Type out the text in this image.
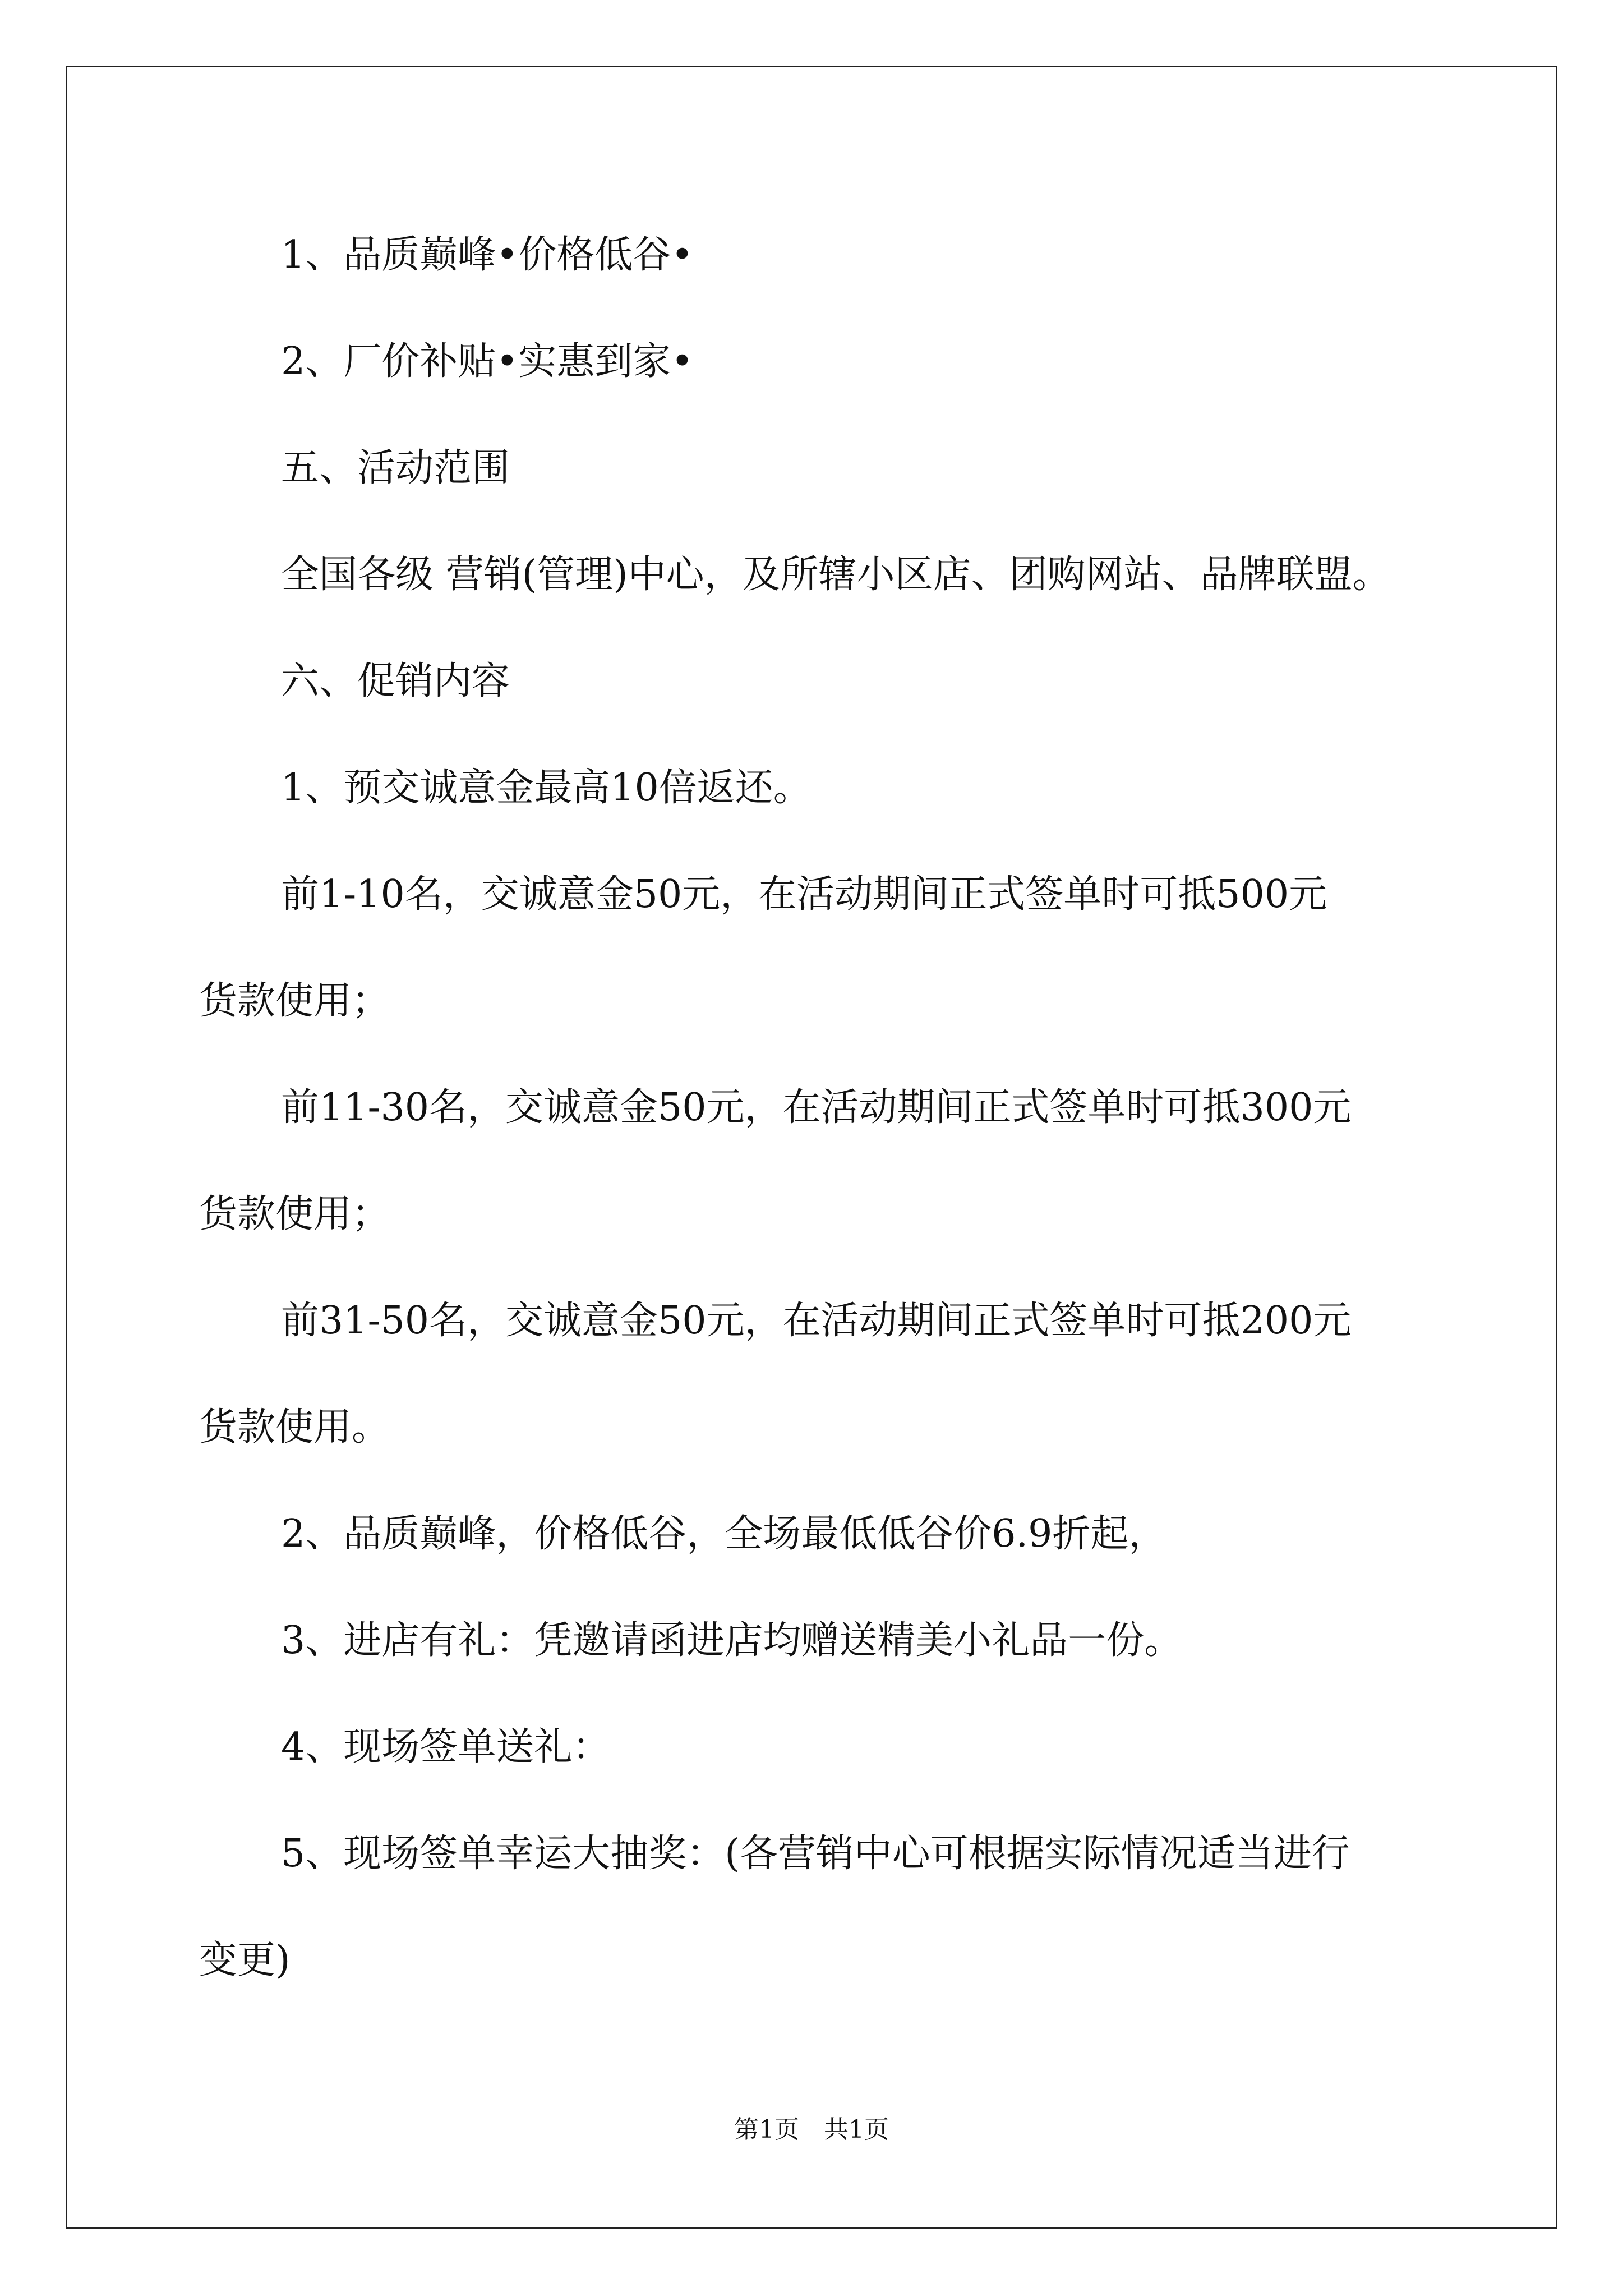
1、品质巅峰•价格低谷•

2、厂价补贴•实惠到家•

五、活动范围

全国各级 营销(管理)中心，及所辖小区店、团购网站、品牌联盟。

六、促销内容

1、预交诚意金最高10倍返还。

前1-10名，交诚意金50元，在活动期间正式签单时可抵500元

货款使用；

前11-30名，交诚意金50元，在活动期间正式签单时可抵300元

货款使用；

前31-50名，交诚意金50元，在活动期间正式签单时可抵200元

货款使用。

2、品质巅峰，价格低谷，全场最低低谷价6.9折起，

3、进店有礼：凭邀请函进店均赠送精美小礼品一份。

4、现场签单送礼：

5、现场签单幸运大抽奖：(各营销中心可根据实际情况适当进行

变更)

第1页　共1页
